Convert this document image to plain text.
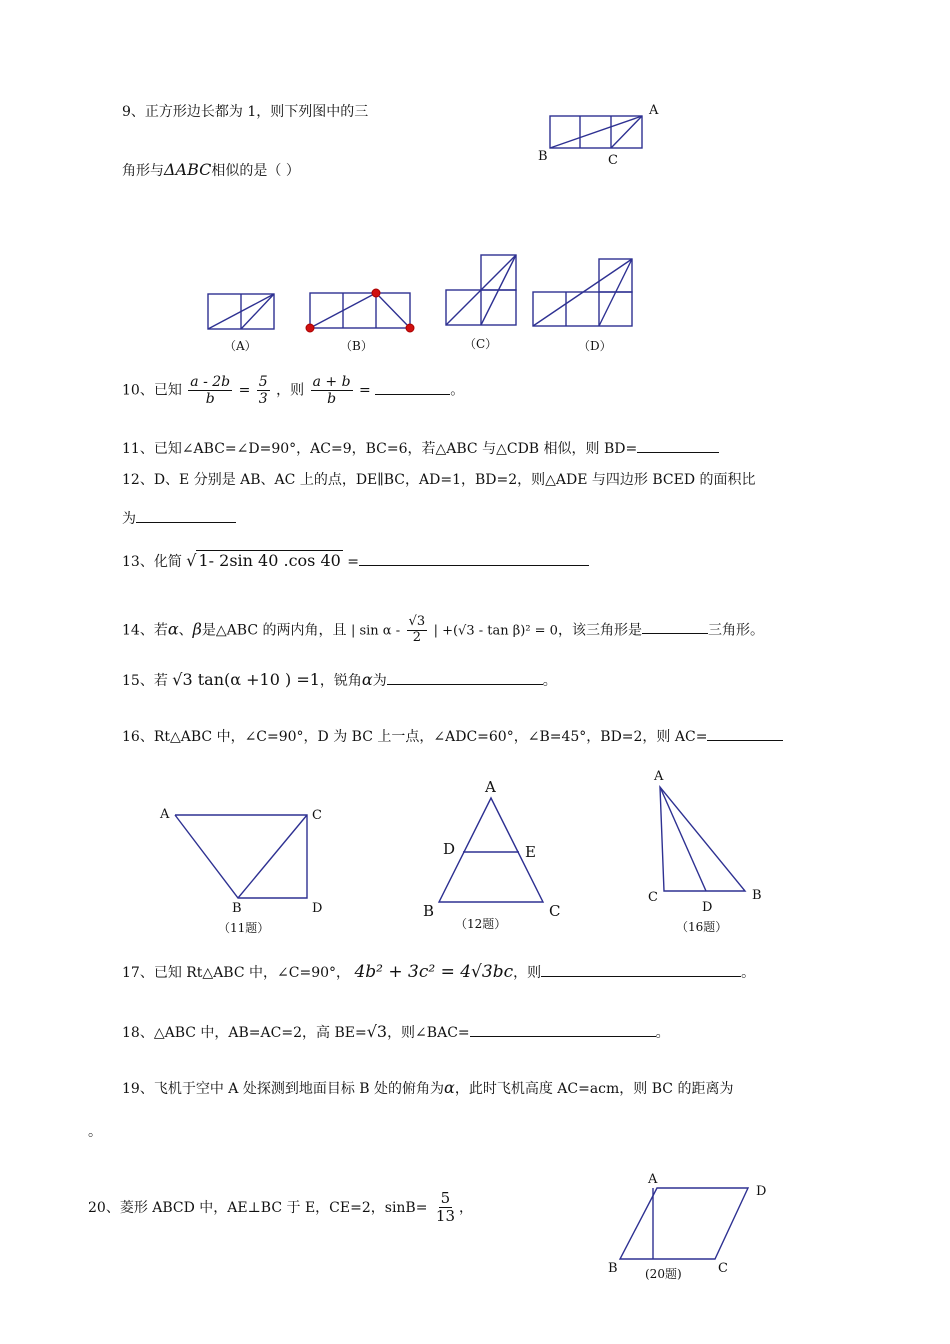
9、正方形边长都为 1，则下列图中的三
角形与ΔABC相似的是（ ）
A
B	C
（A）	（B）	（C）	（D）
10、已知 $\frac{a - 2b}{b} = \frac{5}{3}$ ，则 $\frac{a + b}{b}$ =	。
11、已知∠ABC=∠D=90°，AC=9，BC=6，若△ABC 与△CDB 相似，则 BD=
12、D、E 分别是 AB、AC 上的点，DE∥BC，AD=1，BD=2，则△ADE 与四边形 BCED 的面积比
为
13、化简 √ 1- 2sin 40 .cos 40 =
14、若α、β是△ABC 的两内角，且 | sin α - $\frac{√3}{2}$ | +(√3 - tan β)² = 0，该三角形是	三角形。
15、若 √3 tan(α +10 ) =1，锐角α为	。
16、Rt△ABC 中，∠C=90°，D 为 BC 上一点，∠ADC=60°，∠B=45°，BD=2，则 AC=
A	C
B	D
（11题）
A
D	E
B	C
（12题）
A
C
D
B
（16题）
17、已知 Rt△ABC 中，∠C=90°， 4b² + 3c² = 4√3bc，则	。
18、△ABC 中，AB=AC=2，高 BE=√3，则∠BAC=	。
19、飞机于空中 A 处探测到地面目标 B 处的俯角为α，此时飞机高度 AC=acm，则 BC 的距离为
。
20、菱形 ABCD 中，AE⊥BC 于 E，CE=2，$\sin B= \frac{5}{13}$ ，
A
D
B	C
(20题)
